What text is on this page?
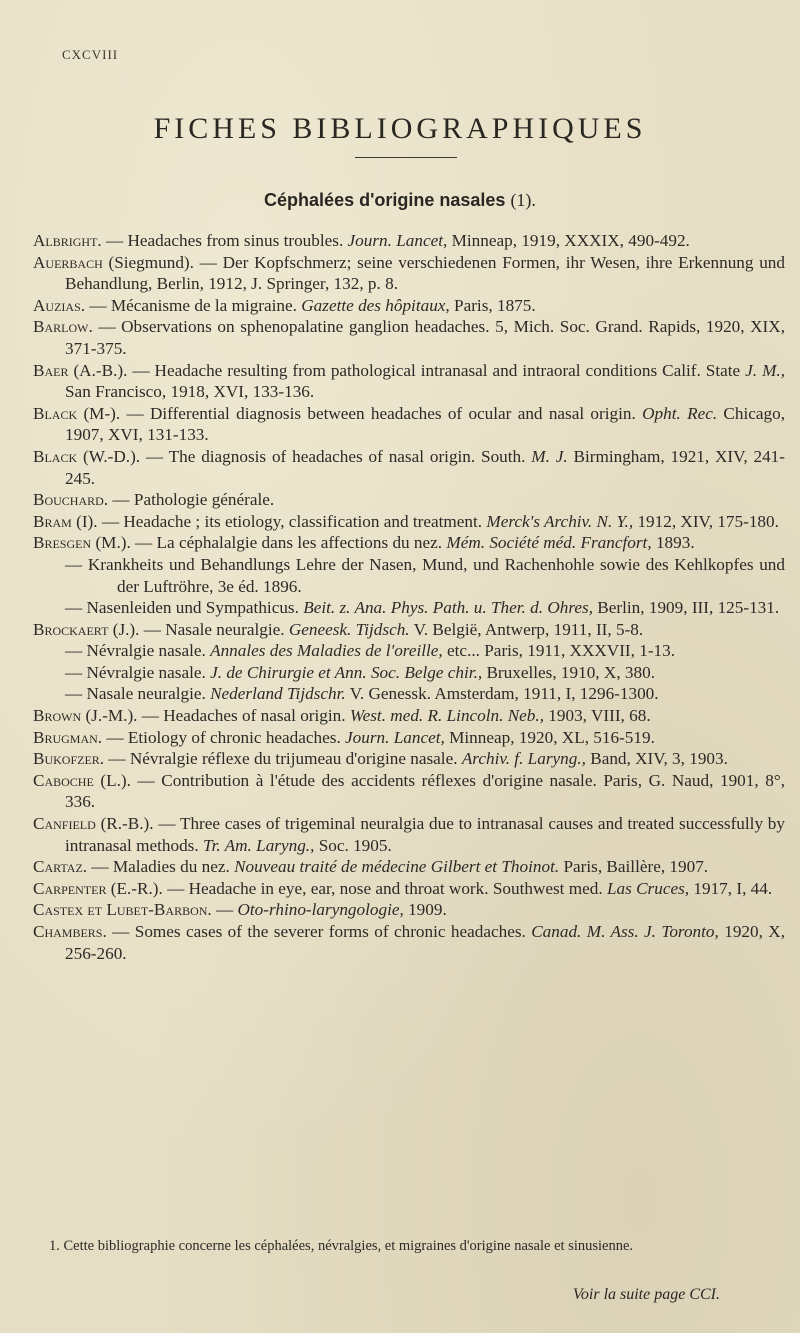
CXCVIII
FICHES BIBLIOGRAPHIQUES
Céphalées d'origine nasales (1).

Albright. — Headaches from sinus troubles. Journ. Lancet, Minneap, 1919, XXXIX, 490-492.

Auerbach (Siegmund). — Der Kopfschmerz; seine verschiedenen Formen, ihr Wesen, ihre Erkennung und Behandlung, Berlin, 1912, J. Springer, 132, p. 8.

Auzias. — Mécanisme de la migraine. Gazette des hôpitaux, Paris, 1875.

Barlow. — Observations on sphenopalatine ganglion headaches. 5, Mich. Soc. Grand. Rapids, 1920, XIX, 371-375.

Baer (A.-B.). — Headache resulting from pathological intranasal and intraoral conditions Calif. State J. M., San Francisco, 1918, XVI, 133-136.

Black (M-). — Differential diagnosis between headaches of ocular and nasal origin. Opht. Rec. Chicago, 1907, XVI, 131-133.

Black (W.-D.). — The diagnosis of headaches of nasal origin. South. M. J. Birmingham, 1921, XIV, 241-245.

Bouchard. — Pathologie générale.

Bram (I). — Headache ; its etiology, classification and treatment. Merck's Archiv. N. Y., 1912, XIV, 175-180.

Bresgen (M.). — La céphalalgie dans les affections du nez. Mém. Société méd. Francfort, 1893.

— Krankheits und Behandlungs Lehre der Nasen, Mund, und Rachenhohle sowie des Kehlkopfes und der Luftröhre, 3e éd. 1896.

— Nasenleiden und Sympathicus. Beit. z. Ana. Phys. Path. u. Ther. d. Ohres, Berlin, 1909, III, 125-131.

Brockaert (J.). — Nasale neuralgie. Geneesk. Tijdsch. V. België, Antwerp, 1911, II, 5-8.

— Névralgie nasale. Annales des Maladies de l'oreille, etc... Paris, 1911, XXXVII, 1-13.

— Névralgie nasale. J. de Chirurgie et Ann. Soc. Belge chir., Bruxelles, 1910, X, 380.

— Nasale neuralgie. Nederland Tijdschr. V. Genessk. Amsterdam, 1911, I, 1296-1300.

Brown (J.-M.). — Headaches of nasal origin. West. med. R. Lincoln. Neb., 1903, VIII, 68.

Brugman. — Etiology of chronic headaches. Journ. Lancet, Minneap, 1920, XL, 516-519.

Bukofzer. — Névralgie réflexe du trijumeau d'origine nasale. Archiv. f. Laryng., Band, XIV, 3, 1903.

Caboche (L.). — Contribution à l'étude des accidents réflexes d'origine nasale. Paris, G. Naud, 1901, 8°, 336.

Canfield (R.-B.). — Three cases of trigeminal neuralgia due to intranasal causes and treated successfully by intranasal methods. Tr. Am. Laryng., Soc. 1905.

Cartaz. — Maladies du nez. Nouveau traité de médecine Gilbert et Thoinot. Paris, Baillère, 1907.

Carpenter (E.-R.). — Headache in eye, ear, nose and throat work. Southwest med. Las Cruces, 1917, I, 44.

Castex et Lubet-Barbon. — Oto-rhino-laryngologie, 1909.

Chambers. — Somes cases of the severer forms of chronic headaches. Canad. M. Ass. J. Toronto, 1920, X, 256-260.

1. Cette bibliographie concerne les céphalées, névralgies, et migraines d'origine nasale et sinusienne.
Voir la suite page CCI.
